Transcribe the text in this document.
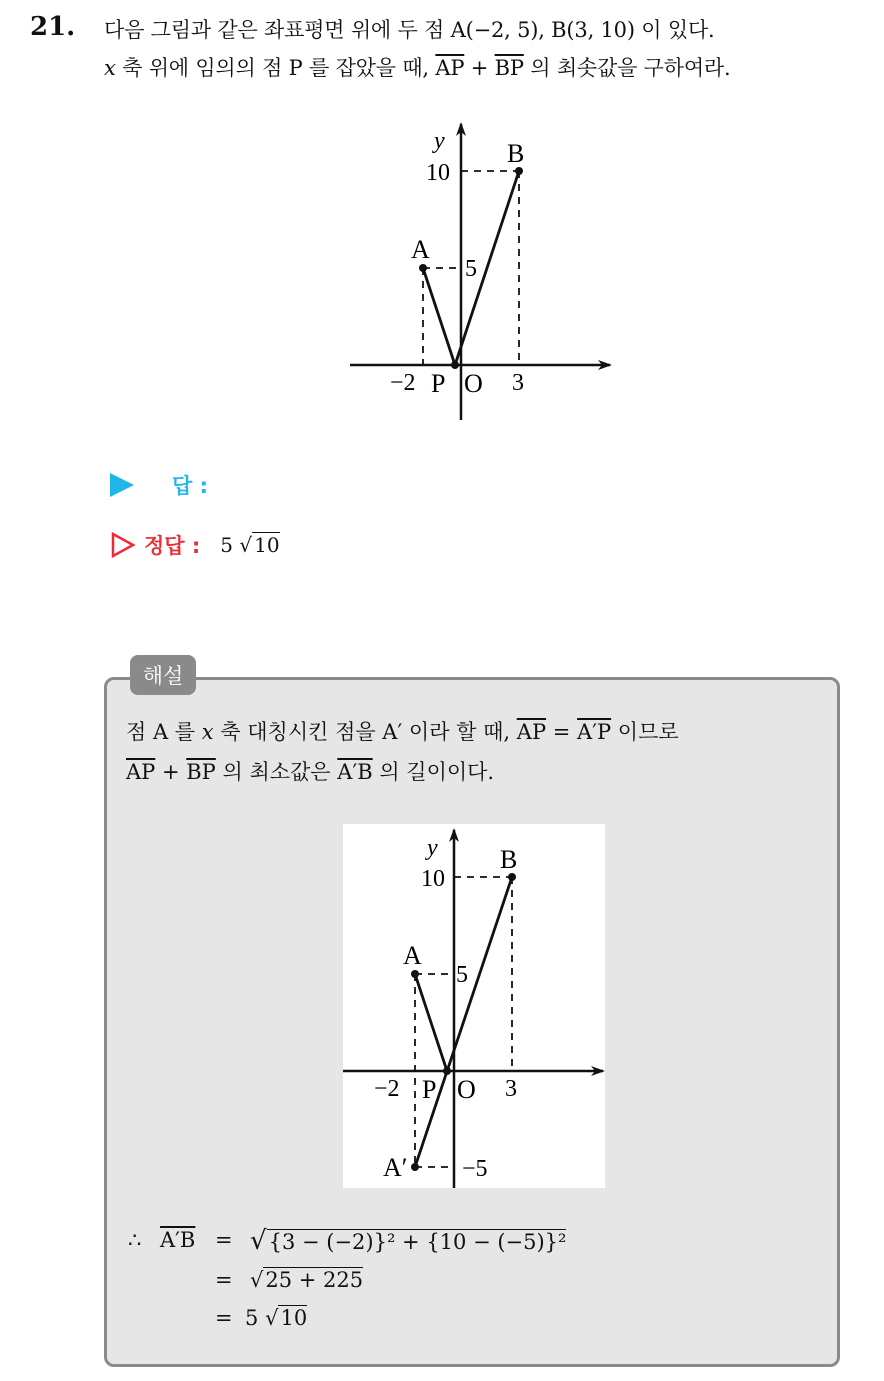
21. 다음 그림과 같은 좌표평면 위에 두 점 A(−2, 5), B(3, 10) 이 있다.
x 축 위에 임의의 점 P 를 잡았을 때, $\overline{AP} + \overline{BP}$ 의 최솟값을 구하여라.
y
10
5
A
B
−2 P O 3
답 :
정답 : 5 √ 10
해설
점 A 를 x 축 대칭시킨 점을 A′ 이라 할 때, $\overline{AP} = A'P$ 이므로
$\overline{AP} + \overline{BP}$ 의 최소값은 A′B 의 길이이다.
y
10
5
A
B
−2 P O 3
A′ −5
∴ A′B = √{3 − (−2)}² + {10 − (−5)}²
= √25 + 225
= 5 √10
